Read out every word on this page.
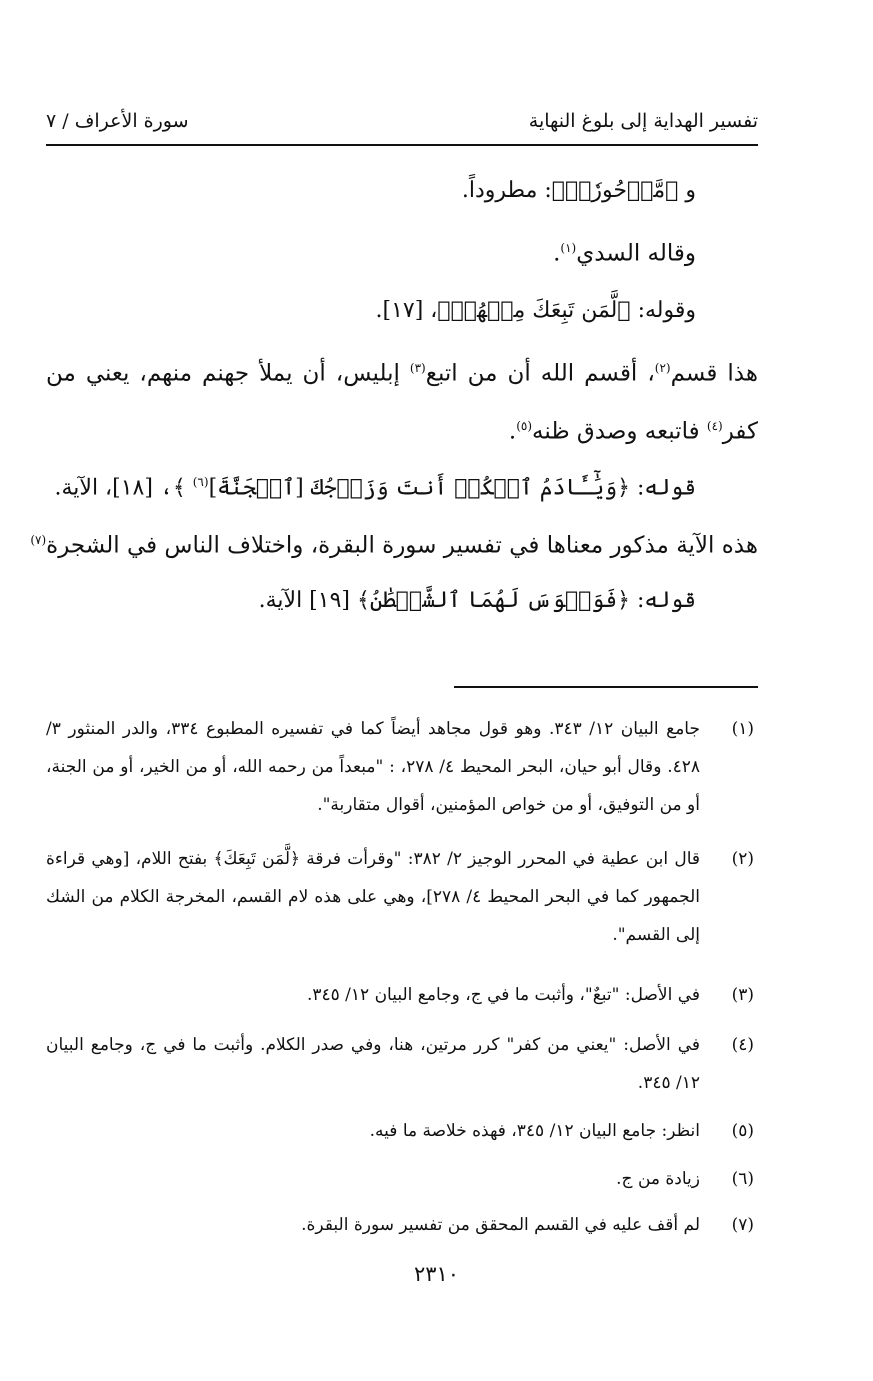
تفسير الهداية إلى بلوغ النهاية
سورة الأعراف / ٧
و ﴿مَّدۡحُورٗاۖ﴾: مطروداً.
وقاله السدي$^{(١)}$.
وقوله: ﴿لَّمَن تَبِعَكَ مِنۡهُمۡ﴾، [١٧].
هذا قسم$^{(٢)}$، أقسم الله أن من اتبع$^{(٣)}$ إبليس، أن يملأ جهنم منهم، يعني من
كفر$^{(٤)}$ فاتبعه وصدق ظنه$^{(٥)}$.
قوله: ﴿وَيَٰٓـَٔادَمُ ٱسۡكُنۡ أَنتَ وَزَوۡجُكَ [ٱلۡجَنَّةَ]$^{(٦)}$ ﴾، [١٨]، الآية.
هذه الآية مذكور معناها في تفسير سورة البقرة، واختلاف الناس في الشجرة$^{(٧)}$
قوله: ﴿فَوَسۡوَسَ لَهُمَا ٱلشَّيۡطَٰنُ﴾ [١٩] الآية.
(١)
جامع البيان ١٢/ ٣٤٣. وهو قول مجاهد أيضاً كما في تفسيره المطبوع ٣٣٤، والدر المنثور ٣/ ٤٢٨. وقال أبو حيان، البحر المحيط ٤/ ٢٧٨، : "مبعداً من رحمه الله، أو من الخير، أو من الجنة، أو من التوفيق، أو من خواص المؤمنين، أقوال متقاربة".
(٢)
قال ابن عطية في المحرر الوجيز ٢/ ٣٨٢: "وقرأت فرقة ﴿لَّمَن تَبِعَكَ﴾ بفتح اللام، [وهي قراءة الجمهور كما في البحر المحيط ٤/ ٢٧٨]، وهي على هذه لام القسم، المخرجة الكلام من الشك إلى القسم".
(٣)
في الأصل: "تبعٌ"، وأثبت ما في ج، وجامع البيان ١٢/ ٣٤٥.
(٤)
في الأصل: "يعني من كفر" كرر مرتين، هنا، وفي صدر الكلام. وأثبت ما في ج، وجامع البيان ١٢/ ٣٤٥.
(٥)
انظر: جامع البيان ١٢/ ٣٤٥، فهذه خلاصة ما فيه.
(٦)
زيادة من ج.
(٧)
لم أقف عليه في القسم المحقق من تفسير سورة البقرة.
٢٣١٠
